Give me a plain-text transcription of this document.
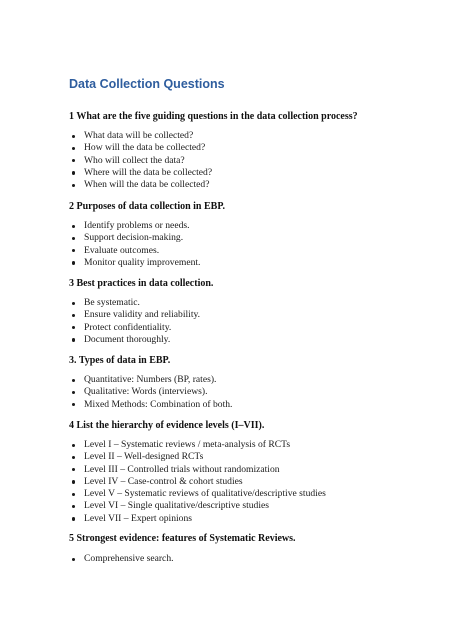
Data Collection Questions
1 What are the five guiding questions in the data collection process?
What data will be collected?
How will the data be collected?
Who will collect the data?
Where will the data be collected?
When will the data be collected?
2 Purposes of data collection in EBP.
Identify problems or needs.
Support decision-making.
Evaluate outcomes.
Monitor quality improvement.
3 Best practices in data collection.
Be systematic.
Ensure validity and reliability.
Protect confidentiality.
Document thoroughly.
3. Types of data in EBP.
Quantitative: Numbers (BP, rates).
Qualitative: Words (interviews).
Mixed Methods: Combination of both.
4 List the hierarchy of evidence levels (I–VII).
Level I – Systematic reviews / meta-analysis of RCTs
Level II – Well-designed RCTs
Level III – Controlled trials without randomization
Level IV – Case-control & cohort studies
Level V – Systematic reviews of qualitative/descriptive studies
Level VI – Single qualitative/descriptive studies
Level VII – Expert opinions
5 Strongest evidence: features of Systematic Reviews.
Comprehensive search.
